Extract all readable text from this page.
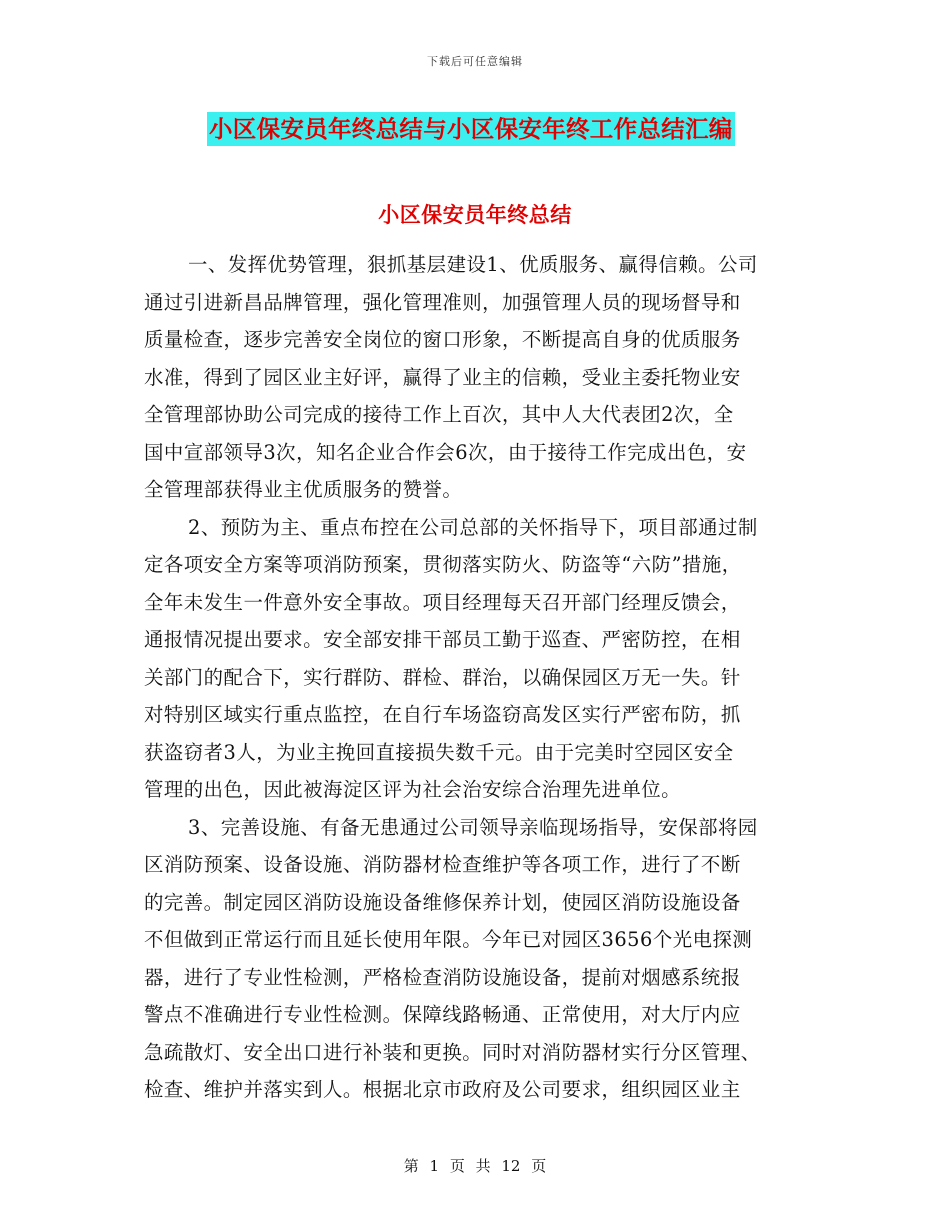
下载后可任意编辑
小区保安员年终总结与小区保安年终工作总结汇编
小区保安员年终总结
一、发挥优势管理，狠抓基层建设1、优质服务、赢得信赖。公司
通过引进新昌品牌管理，强化管理准则，加强管理人员的现场督导和
质量检查，逐步完善安全岗位的窗口形象，不断提高自身的优质服务
水准，得到了园区业主好评，赢得了业主的信赖，受业主委托物业安
全管理部协助公司完成的接待工作上百次，其中人大代表团2次，全
国中宣部领导3次，知名企业合作会6次，由于接待工作完成出色，安
全管理部获得业主优质服务的赞誉。
2、预防为主、重点布控在公司总部的关怀指导下，项目部通过制
定各项安全方案等项消防预案，贯彻落实防火、防盗等“六防”措施，
全年未发生一件意外安全事故。项目经理每天召开部门经理反馈会，
通报情况提出要求。安全部安排干部员工勤于巡查、严密防控，在相
关部门的配合下，实行群防、群检、群治，以确保园区万无一失。针
对特别区域实行重点监控，在自行车场盗窃高发区实行严密布防，抓
获盗窃者3人，为业主挽回直接损失数千元。由于完美时空园区安全
管理的出色，因此被海淀区评为社会治安综合治理先进单位。
3、完善设施、有备无患通过公司领导亲临现场指导，安保部将园
区消防预案、设备设施、消防器材检查维护等各项工作，进行了不断
的完善。制定园区消防设施设备维修保养计划，使园区消防设施设备
不但做到正常运行而且延长使用年限。今年已对园区3656个光电探测
器，进行了专业性检测，严格检查消防设施设备，提前对烟感系统报
警点不准确进行专业性检测。保障线路畅通、正常使用，对大厅内应
急疏散灯、安全出口进行补装和更换。同时对消防器材实行分区管理、
检查、维护并落实到人。根据北京市政府及公司要求，组织园区业主
第 1 页 共 12 页
